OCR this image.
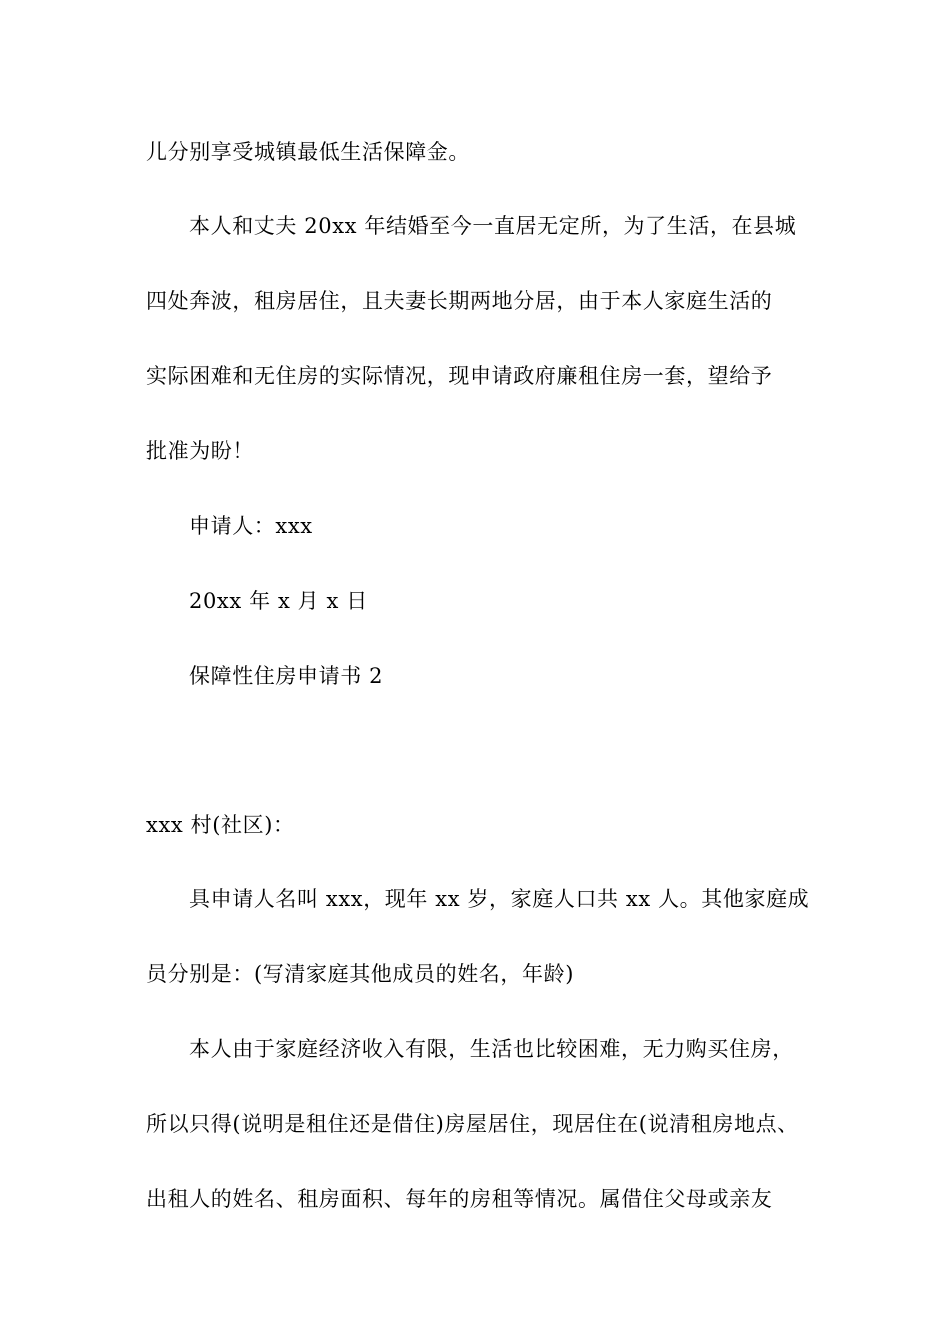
儿分别享受城镇最低生活保障金。
本人和丈夫 20xx 年结婚至今一直居无定所，为了生活，在县城
四处奔波，租房居住，且夫妻长期两地分居，由于本人家庭生活的
实际困难和无住房的实际情况，现申请政府廉租住房一套，望给予
批准为盼！
申请人：xxx
20xx 年 x 月 x 日
保障性住房申请书 2
xxx 村(社区)：
具申请人名叫 xxx，现年 xx 岁，家庭人口共 xx 人。其他家庭成
员分别是：(写清家庭其他成员的姓名，年龄)
本人由于家庭经济收入有限，生活也比较困难，无力购买住房，
所以只得(说明是租住还是借住)房屋居住，现居住在(说清租房地点、
出租人的姓名、租房面积、每年的房租等情况。属借住父母或亲友
